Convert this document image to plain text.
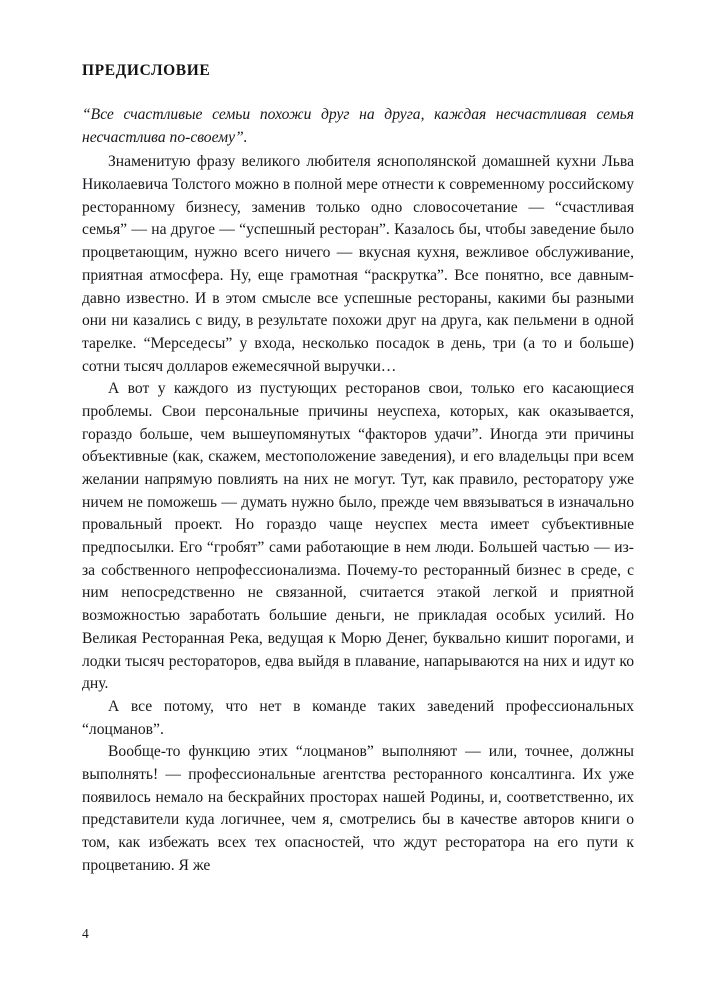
ПРЕДИСЛОВИЕ

“Все счастливые семьи похожи друг на друга, каждая несчастливая семья несчастлива по-своему”.

Знаменитую фразу великого любителя яснополянской домашней кухни Льва Николаевича Толстого можно в полной мере отнести к современному российскому ресторанному бизнесу, заменив только одно словосочетание — “счастливая семья” — на другое — “успешный ресторан”. Казалось бы, чтобы заведение было процветающим, нужно всего ничего — вкусная кухня, вежливое обслуживание, приятная атмосфера. Ну, еще грамотная “раскрутка”. Все понятно, все давным-давно известно. И в этом смысле все успешные рестораны, какими бы разными они ни казались с виду, в результате похожи друг на друга, как пельмени в одной тарелке. “Мерседесы” у входа, несколько посадок в день, три (а то и больше) сотни тысяч долларов ежемесячной выручки…

А вот у каждого из пустующих ресторанов свои, только его касающиеся проблемы. Свои персональные причины неуспеха, которых, как оказывается, гораздо больше, чем вышеупомянутых “факторов удачи”. Иногда эти причины объективные (как, скажем, местоположение заведения), и его владельцы при всем желании напрямую повлиять на них не могут. Тут, как правило, ресторатору уже ничем не поможешь — думать нужно было, прежде чем ввязываться в изначально провальный проект. Но гораздо чаще неуспех места имеет субъективные предпосылки. Его “гробят” сами работающие в нем люди. Большей частью — из-за собственного непрофессионализма. Почему-то ресторанный бизнес в среде, с ним непосредственно не связанной, считается этакой легкой и приятной возможностью заработать большие деньги, не прикладая особых усилий. Но Великая Ресторанная Река, ведущая к Морю Денег, буквально кишит порогами, и лодки тысяч рестораторов, едва выйдя в плавание, напарываются на них и идут ко дну.

А все потому, что нет в команде таких заведений профессиональных “лоцманов”.

Вообще-то функцию этих “лоцманов” выполняют — или, точнее, должны выполнять! — профессиональные агентства ресторанного консалтинга. Их уже появилось немало на бескрайних просторах нашей Родины, и, соответственно, их представители куда логичнее, чем я, смотрелись бы в качестве авторов книги о том, как избежать всех тех опасностей, что ждут ресторатора на его пути к процветанию. Я же

4
